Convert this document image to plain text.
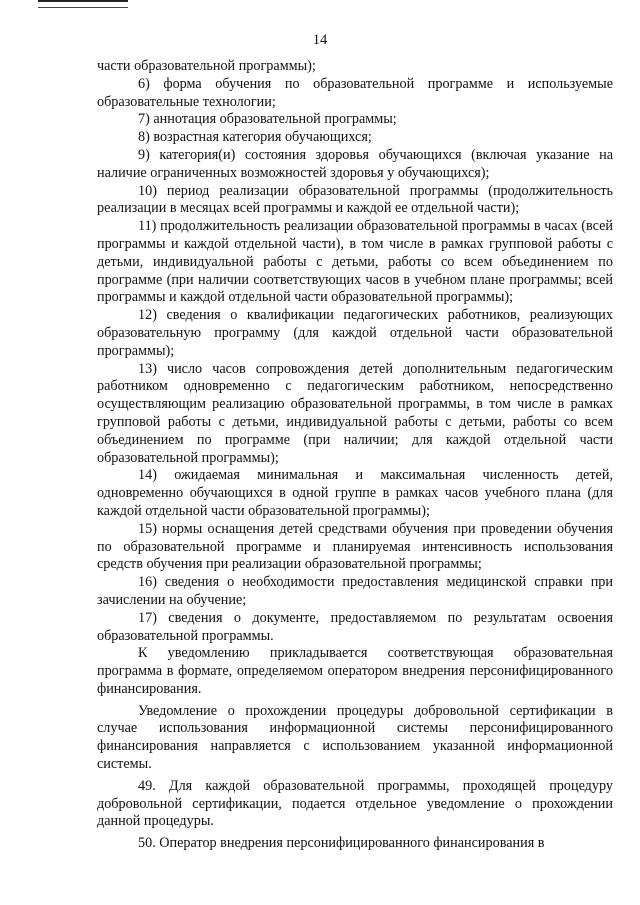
14

части образовательной программы);

6) форма обучения по образовательной программе и используемые образовательные технологии;

7) аннотация образовательной программы;

8) возрастная категория обучающихся;

9) категория(и) состояния здоровья обучающихся (включая указание на наличие ограниченных возможностей здоровья у обучающихся);

10) период реализации образовательной программы (продолжительность реализации в месяцах всей программы и каждой ее отдельной части);

11) продолжительность реализации образовательной программы в часах (всей программы и каждой отдельной части), в том числе в рамках групповой работы с детьми, индивидуальной работы с детьми, работы со всем объединением по программе (при наличии соответствующих часов в учебном плане программы; всей программы и каждой отдельной части образовательной программы);

12) сведения о квалификации педагогических работников, реализующих образовательную программу (для каждой отдельной части образовательной программы);

13) число часов сопровождения детей дополнительным педагогическим работником одновременно с педагогическим работником, непосредственно осуществляющим реализацию образовательной программы, в том числе в рамках групповой работы с детьми, индивидуальной работы с детьми, работы со всем объединением по программе (при наличии; для каждой отдельной части образовательной программы);

14) ожидаемая минимальная и максимальная численность детей, одновременно обучающихся в одной группе в рамках часов учебного плана (для каждой отдельной части образовательной программы);

15) нормы оснащения детей средствами обучения при проведении обучения по образовательной программе и планируемая интенсивность использования средств обучения при реализации образовательной программы;

16) сведения о необходимости предоставления медицинской справки при зачислении на обучение;

17) сведения о документе, предоставляемом по результатам освоения образовательной программы.

К уведомлению прикладывается соответствующая образовательная программа в формате, определяемом оператором внедрения персонифицированного финансирования.

Уведомление о прохождении процедуры добровольной сертификации в случае использования информационной системы персонифицированного финансирования направляется с использованием указанной информационной системы.

49. Для каждой образовательной программы, проходящей процедуру добровольной сертификации, подается отдельное уведомление о прохождении данной процедуры.

50. Оператор внедрения персонифицированного финансирования в
